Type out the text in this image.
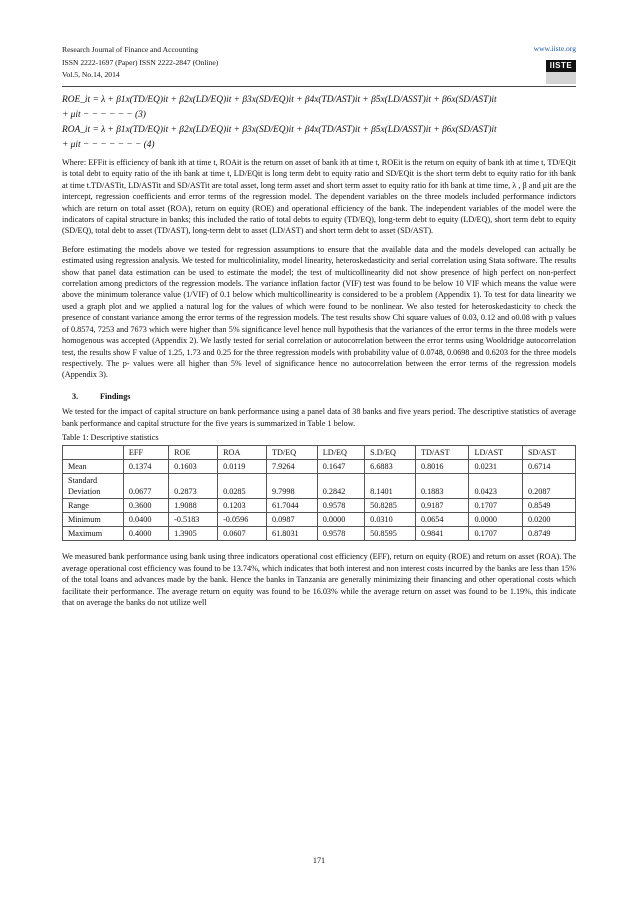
Research Journal of Finance and Accounting
ISSN 2222-1697 (Paper) ISSN 2222-2847 (Online)
Vol.5, No.14, 2014
www.iiste.org
IISTE
ROE_it = λ + β1x(TD/EQ)it + β2x(LD/EQ)it + β3x(SD/EQ)it + β4x(TD/AST)it + β5x(LD/ASST)it + β6x(SD/AST)it
+ μit − − − − − − (3)
ROA_it = λ + β1x(TD/EQ)it + β2x(LD/EQ)it + β3x(SD/EQ)it + β4x(TD/AST)it + β5x(LD/ASST)it + β6x(SD/AST)it
+ μit − − − − − − − (4)

Where: EFFit is efficiency of bank ith at time t, ROAit is the return on asset of bank ith at time t, ROEit is the return on equity of bank ith at time t, TD/EQit is total debt to equity ratio of the ith bank at time t, LD/EQit is long term debt to equity ratio and SD/EQit is the short term debt to equity ratio for ith bank at time t.TD/ASTit, LD/ASTit and SD/ASTit are total asset, long term asset and short term asset to equity ratio for ith bank at time time, λ , β and μit are the intercept, regression coefficients and error terms of the regression model. The dependent variables on the three models included performance indictors which are return on total asset (ROA), return on equity (ROE) and operational efficiency of the bank. The independent variables of the model were the indicators of capital structure in banks; this included the ratio of total debts to equity (TD/EQ), long-term debt to equity (LD/EQ), short term debt to equity (SD/EQ), total debt to asset (TD/AST), long-term debt to asset (LD/AST) and short term debt to asset (SD/AST).

Before estimating the models above we tested for regression assumptions to ensure that the available data and the models developed can actually be estimated using regression analysis. We tested for multicoliniality, model linearity, heteroskedasticity and serial correlation using Stata software. The results show that panel data estimation can be used to estimate the model; the test of multicollinearity did not show presence of high perfect on non-perfect correlation among predictors of the regression models. The variance inflation factor (VIF) test was found to be below 10 VIF which means the value were above the minimum tolerance value (1/VIF) of 0.1 below which multicollinearity is considered to be a problem (Appendix 1). To test for data linearity we used a graph plot and we applied a natural log for the values of which were found to be nonlinear. We also tested for heteroskedasticity to check the presence of constant variance among the error terms of the regression models. The test results show Chi square values of 0.03, 0.12 and o0.08 with p values of 0.8574, 7253 and 7673 which were higher than 5% significance level hence null hypothesis that the variances of the error terms in the three models were homogenous was accepted (Appendix 2). We lastly tested for serial correlation or autocorrelation between the error terms using Wooldridge autocorrelation test, the results show F value of 1.25, 1.73 and 0.25 for the three regression models with probability value of 0.0748, 0.0698 and 0.6203 for the three models respectively. The p- values were all higher than 5% level of significance hence no autocorrelation between the error terms of the regression models (Appendix 3).

3.	Findings

We tested for the impact of capital structure on bank performance using a panel data of 38 banks and five years period. The descriptive statistics of average bank performance and capital structure for the five years is summarized in Table 1 below.

Table 1: Descriptive statistics
	EFF	ROE	ROA	TD/EQ	LD/EQ	S.D/EQ	TD/AST	LD/AST	SD/AST
Mean	0.1374	0.1603	0.0119	7.9264	0.1647	6.6883	0.8016	0.0231	0.6714
Standard
Deviation	0.0677	0.2873	0.0285	9.7998	0.2842	8.1401	0.1883	0.0423	0.2087
Range	0.3600	1.9088	0.1203	61.7044	0.9578	50.8285	0.9187	0.1707	0.8549
Minimum	0.0400	-0.5183	-0.0596	0.0987	0.0000	0.0310	0.0654	0.0000	0.0200
Maximum	0.4000	1.3905	0.0607	61.8031	0.9578	50.8595	0.9841	0.1707	0.8749

We measured bank performance using bank using three indicators operational cost efficiency (EFF), return on equity (ROE) and return on asset (ROA). The average operational cost efficiency was found to be 13.74%, which indicates that both interest and non interest costs incurred by the banks are less than 15% of the total loans and advances made by the bank. Hence the banks in Tanzania are generally minimizing their financing and other operational costs which facilitate their performance. The average return on equity was found to be 16.03% while the average return on asset was found to be 1.19%, this indicate that on average the banks do not utilize well

171
